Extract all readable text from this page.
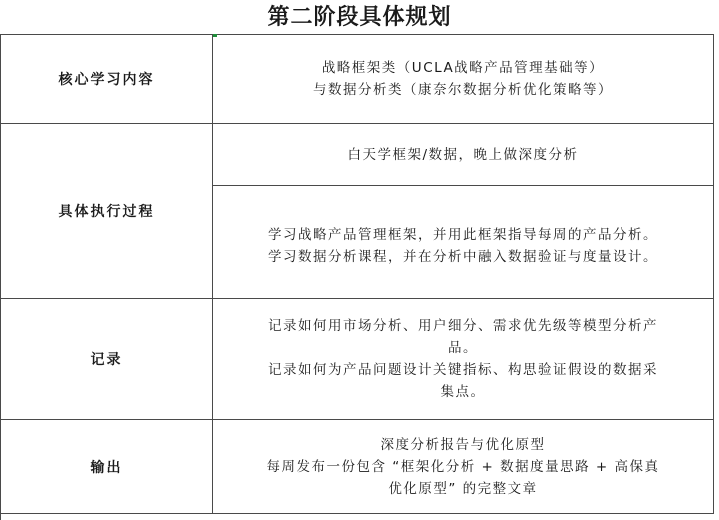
第二阶段具体规划
核心学习内容
战略框架类（UCLA战略产品管理基础等）
与数据分析类（康奈尔数据分析优化策略等）
具体执行过程
白天学框架/数据，晚上做深度分析
学习战略产品管理框架，并用此框架指导每周的产品分析。
学习数据分析课程，并在分析中融入数据验证与度量设计。
记录
记录如何用市场分析、用户细分、需求优先级等模型分析产
品。
记录如何为产品问题设计关键指标、构思验证假设的数据采
集点。
输出
深度分析报告与优化原型
每周发布一份包含 “框架化分析 + 数据度量思路 + 高保真
优化原型” 的完整文章
